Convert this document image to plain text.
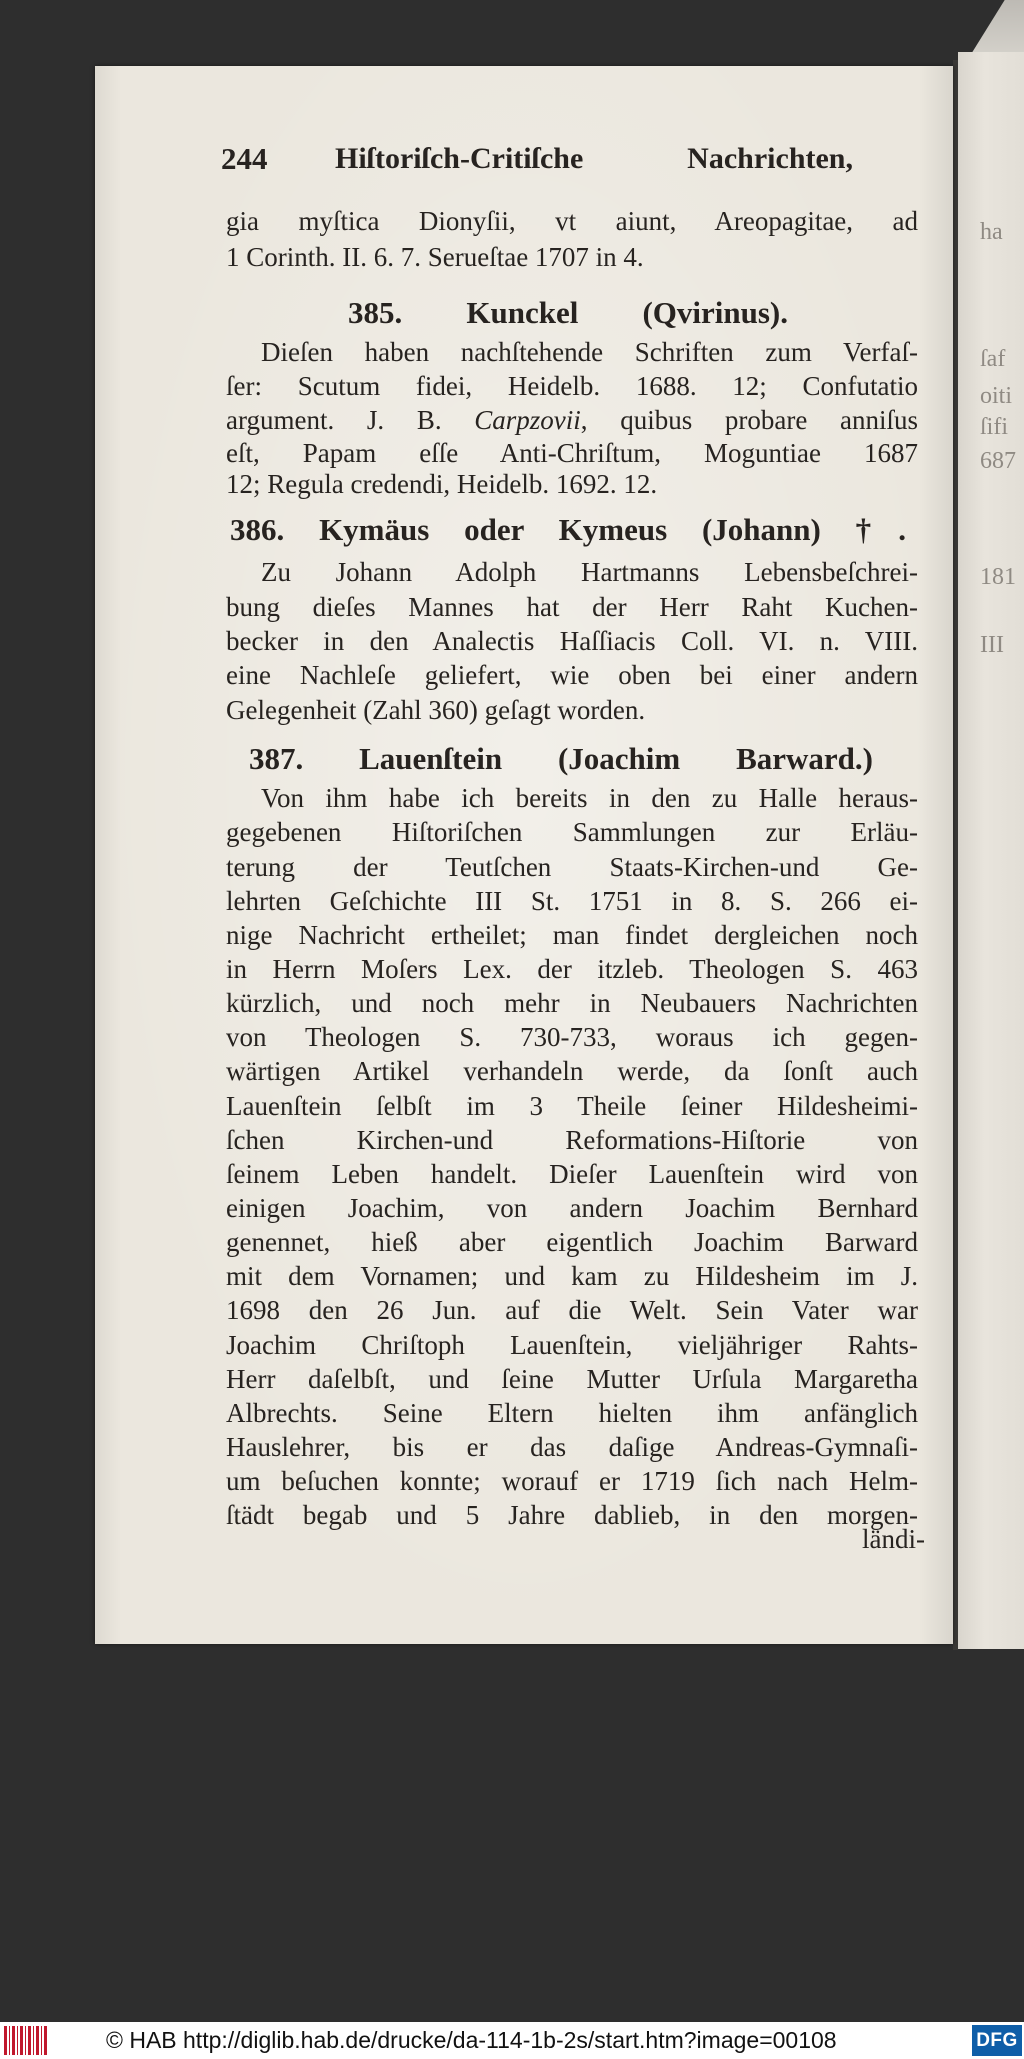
ha
ſaf
oiti
ſifi
687
181
III
244 Hiſtoriſch-Critiſche Nachrichten,
gia myſtica Dionyſii, vt aiunt, Areopagitae, ad
1 Corinth. II. 6. 7. Serueſtae 1707 in 4.
385. Kunckel (Qvirinus).
Dieſen haben nachſtehende Schriften zum Verfaſ-
ſer: Scutum fidei, Heidelb. 1688. 12; Confutatio
argument. J. B. Carpzovii, quibus probare anniſus
eſt, Papam eſſe Anti-Chriſtum, Moguntiae 1687
12; Regula credendi, Heidelb. 1692. 12.
386. Kymäus oder Kymeus (Johann) †.
Zu Johann Adolph Hartmanns Lebensbeſchrei-
bung dieſes Mannes hat der Herr Raht Kuchen-
becker in den Analectis Haſſiacis Coll. VI. n. VIII.
eine Nachleſe geliefert, wie oben bei einer andern
Gelegenheit (Zahl 360) geſagt worden.
387. Lauenſtein (Joachim Barward.)
Von ihm habe ich bereits in den zu Halle heraus-
gegebenen Hiſtoriſchen Sammlungen zur Erläu-
terung der Teutſchen Staats-Kirchen-und Ge-
lehrten Geſchichte III St. 1751 in 8. S. 266 ei-
nige Nachricht ertheilet; man findet dergleichen noch
in Herrn Moſers Lex. der itzleb. Theologen S. 463
kürzlich, und noch mehr in Neubauers Nachrichten
von Theologen S. 730-733, woraus ich gegen-
wärtigen Artikel verhandeln werde, da ſonſt auch
Lauenſtein ſelbſt im 3 Theile ſeiner Hildesheimi-
ſchen Kirchen-und Reformations-Hiſtorie von
ſeinem Leben handelt. Dieſer Lauenſtein wird von
einigen Joachim, von andern Joachim Bernhard
genennet, hieß aber eigentlich Joachim Barward
mit dem Vornamen; und kam zu Hildesheim im J.
1698 den 26 Jun. auf die Welt. Sein Vater war
Joachim Chriſtoph Lauenſtein, vieljähriger Rahts-
Herr daſelbſt, und ſeine Mutter Urſula Margaretha
Albrechts. Seine Eltern hielten ihm anfänglich
Hauslehrer, bis er das daſige Andreas-Gymnaſi-
um beſuchen konnte; worauf er 1719 ſich nach Helm-
ſtädt begab und 5 Jahre dablieb, in den morgen-
ländi-
© HAB http://diglib.hab.de/drucke/da-114-1b-2s/start.htm?image=00108	DFG
